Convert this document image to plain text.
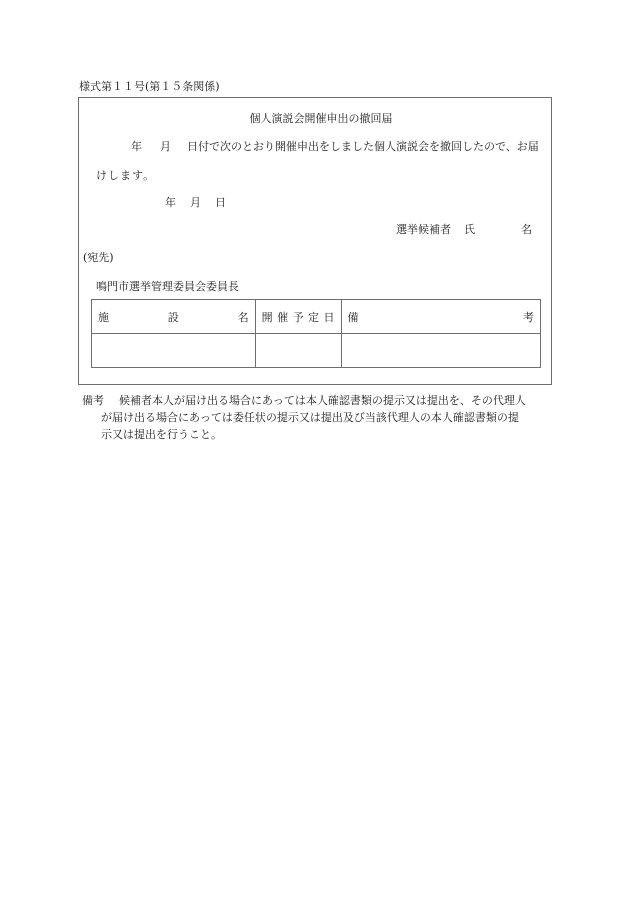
様式第１１号(第１５条関係)
個人演説会開催申出の撤回届
年 月 日付で次のとおり開催申出をしました個人演説会を撤回したので、お届
けします。
年 月 日
選挙候補者 氏	名
(宛先)
鳴門市選挙管理委員会委員長
施 設 名	開 催 予 定 日	備 考

備考	候補者本人が届け出る場合にあっては本人確認書類の提示又は提出を、その代理人
が届け出る場合にあっては委任状の提示又は提出及び当該代理人の本人確認書類の提
示又は提出を行うこと。
